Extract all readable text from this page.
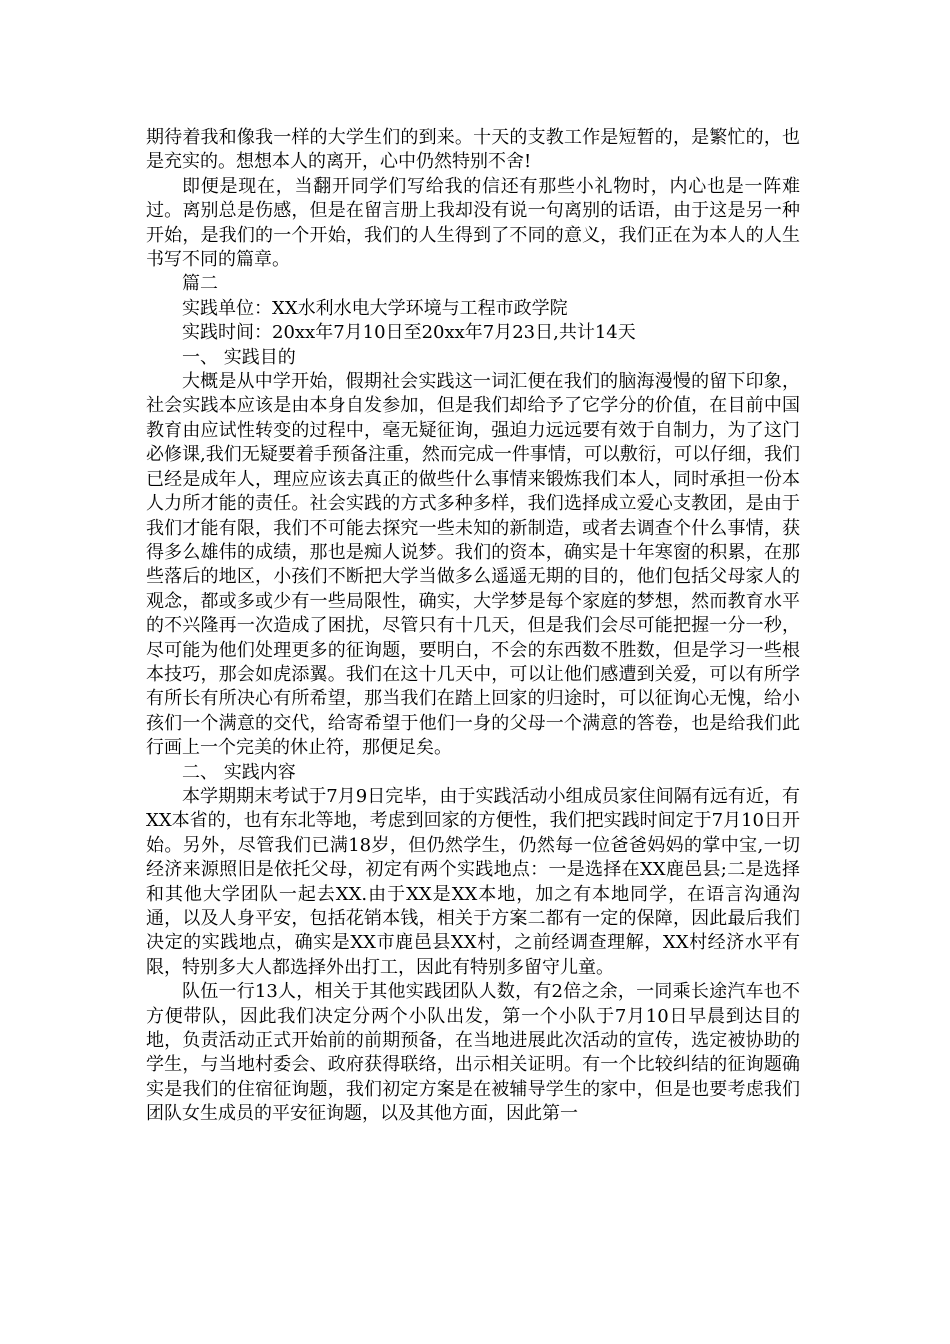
期待着我和像我一样的大学生们的到来。十天的支教工作是短暂的，是繁忙的，也是充实的。想想本人的离开，心中仍然特别不舍!

即便是现在，当翻开同学们写给我的信还有那些小礼物时，内心也是一阵难过。离别总是伤感，但是在留言册上我却没有说一句离别的话语，由于这是另一种开始，是我们的一个开始，我们的人生得到了不同的意义，我们正在为本人的人生书写不同的篇章。

篇二

实践单位：XX水利水电大学环境与工程市政学院

实践时间：20xx年7月10日至20xx年7月23日,共计14天

一、 实践目的

大概是从中学开始，假期社会实践这一词汇便在我们的脑海漫慢的留下印象，社会实践本应该是由本身自发参加，但是我们却给予了它学分的价值，在目前中国教育由应试性转变的过程中，毫无疑征询，强迫力远远要有效于自制力，为了这门必修课,我们无疑要着手预备注重，然而完成一件事情，可以敷衍，可以仔细，我们已经是成年人，理应应该去真正的做些什么事情来锻炼我们本人，同时承担一份本人力所才能的责任。社会实践的方式多种多样，我们选择成立爱心支教团，是由于我们才能有限，我们不可能去探究一些未知的新制造，或者去调查个什么事情，获得多么雄伟的成绩，那也是痴人说梦。我们的资本，确实是十年寒窗的积累，在那些落后的地区，小孩们不断把大学当做多么遥遥无期的目的，他们包括父母家人的观念，都或多或少有一些局限性，确实，大学梦是每个家庭的梦想，然而教育水平的不兴隆再一次造成了困扰，尽管只有十几天，但是我们会尽可能把握一分一秒，尽可能为他们处理更多的征询题，要明白，不会的东西数不胜数，但是学习一些根本技巧，那会如虎添翼。我们在这十几天中，可以让他们感遭到关爱，可以有所学有所长有所决心有所希望，那当我们在踏上回家的归途时，可以征询心无愧，给小孩们一个满意的交代，给寄希望于他们一身的父母一个满意的答卷，也是给我们此行画上一个完美的休止符，那便足矣。

二、 实践内容

本学期期末考试于7月9日完毕，由于实践活动小组成员家住间隔有远有近，有XX本省的，也有东北等地，考虑到回家的方便性，我们把实践时间定于7月10日开始。另外，尽管我们已满18岁，但仍然学生，仍然每一位爸爸妈妈的掌中宝,一切经济来源照旧是依托父母，初定有两个实践地点：一是选择在XX鹿邑县;二是选择和其他大学团队一起去XX.由于XX是XX本地，加之有本地同学，在语言沟通沟通，以及人身平安，包括花销本钱，相关于方案二都有一定的保障，因此最后我们决定的实践地点，确实是XX市鹿邑县XX村，之前经调查理解，XX村经济水平有限，特别多大人都选择外出打工，因此有特别多留守儿童。

队伍一行13人，相关于其他实践团队人数，有2倍之余，一同乘长途汽车也不方便带队，因此我们决定分两个小队出发，第一个小队于7月10日早晨到达目的地，负责活动正式开始前的前期预备，在当地进展此次活动的宣传，选定被协助的学生，与当地村委会、政府获得联络，出示相关证明。有一个比较纠结的征询题确实是我们的住宿征询题，我们初定方案是在被辅导学生的家中，但是也要考虑我们团队女生成员的平安征询题，以及其他方面，因此第一
